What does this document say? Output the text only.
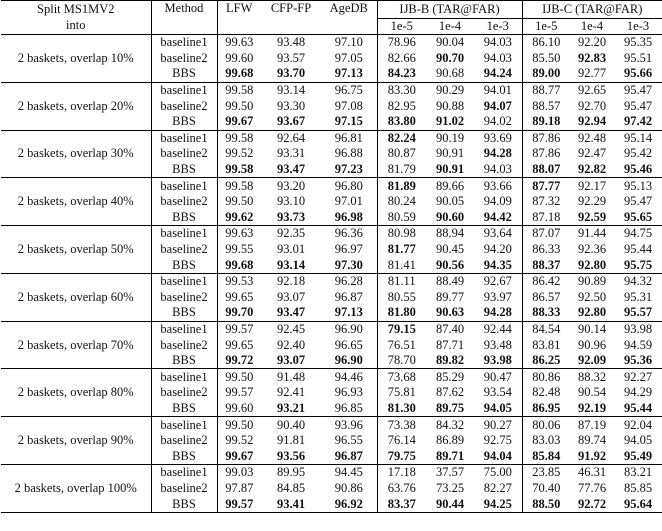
Split MS1MV2
into	Method	LFW	CFP-FP	AgeDB	IJB-B (TAR@FAR)			IJB-C (TAR@FAR)		
					1e-5	1e-4	1e-3	1e-5	1e-4	1e-3
2 baskets, overlap 10%	baseline1	99.63	93.48	97.10	78.96	90.04	94.03	86.10	92.20	95.35
	baseline2	99.60	93.57	97.05	82.66	90.70	94.03	85.50	92.83	95.51
	BBS	99.68	93.70	97.13	84.23	90.68	94.24	89.00	92.77	95.66
2 baskets, overlap 20%	baseline1	99.58	93.14	96.75	83.30	90.29	94.01	88.77	92.65	95.47
	baseline2	99.50	93.30	97.08	82.95	90.88	94.07	88.57	92.70	95.47
	BBS	99.67	93.67	97.15	83.80	91.02	94.02	89.18	92.94	97.42
2 baskets, overlap 30%	baseline1	99.58	92.64	96.81	82.24	90.19	93.69	87.86	92.48	95.14
	baseline2	99.52	93.31	96.88	80.87	90.91	94.28	87.86	92.47	95.42
	BBS	99.58	93.47	97.23	81.79	90.91	94.03	88.07	92.82	95.46
2 baskets, overlap 40%	baseline1	99.58	93.20	96.80	81.89	89.66	93.66	87.77	92.17	95.13
	baseline2	99.50	93.10	97.01	80.24	90.05	94.09	87.32	92.29	95.47
	BBS	99.62	93.73	96.98	80.59	90.60	94.42	87.18	92.59	95.65
2 baskets, overlap 50%	baseline1	99.63	92.35	96.36	80.98	88.94	93.64	87.07	91.44	94.75
	baseline2	99.55	93.01	96.97	81.77	90.45	94.20	86.33	92.36	95.44
	BBS	99.68	93.14	97.30	81.41	90.56	94.35	88.37	92.80	95.75
2 baskets, overlap 60%	baseline1	99.53	92.18	96.28	81.11	88.49	92.67	86.42	90.89	94.32
	baseline2	99.65	93.07	96.87	80.55	89.77	93.97	86.57	92.50	95.31
	BBS	99.70	93.47	97.13	81.80	90.63	94.28	88.33	92.80	95.57
2 baskets, overlap 70%	baseline1	99.57	92.45	96.90	79.15	87.40	92.44	84.54	90.14	93.98
	baseline2	99.65	92.40	96.65	76.51	87.71	93.48	83.81	90.96	94.59
	BBS	99.72	93.07	96.90	78.70	89.82	93.98	86.25	92.09	95.36
2 baskets, overlap 80%	baseline1	99.50	91.48	94.46	73.68	85.29	90.47	80.86	88.32	92.27
	baseline2	99.57	92.41	96.93	75.81	87.62	93.54	82.48	90.54	94.29
	BBS	99.60	93.21	96.85	81.30	89.75	94.05	86.95	92.19	95.44
2 baskets, overlap 90%	baseline1	99.50	90.40	93.96	73.38	84.32	90.27	80.06	87.19	92.04
	baseline2	99.52	91.81	96.55	76.14	86.89	92.75	83.03	89.74	94.05
	BBS	99.67	93.56	96.87	79.75	89.71	94.04	85.84	91.92	95.49
2 baskets, overlap 100%	baseline1	99.03	89.95	94.45	17.18	37.57	75.00	23.85	46.31	83.21
	baseline2	97.87	84.85	90.86	63.76	73.25	82.27	70.40	77.76	85.85
	BBS	99.57	93.41	96.92	83.37	90.44	94.25	88.50	92.72	95.64
